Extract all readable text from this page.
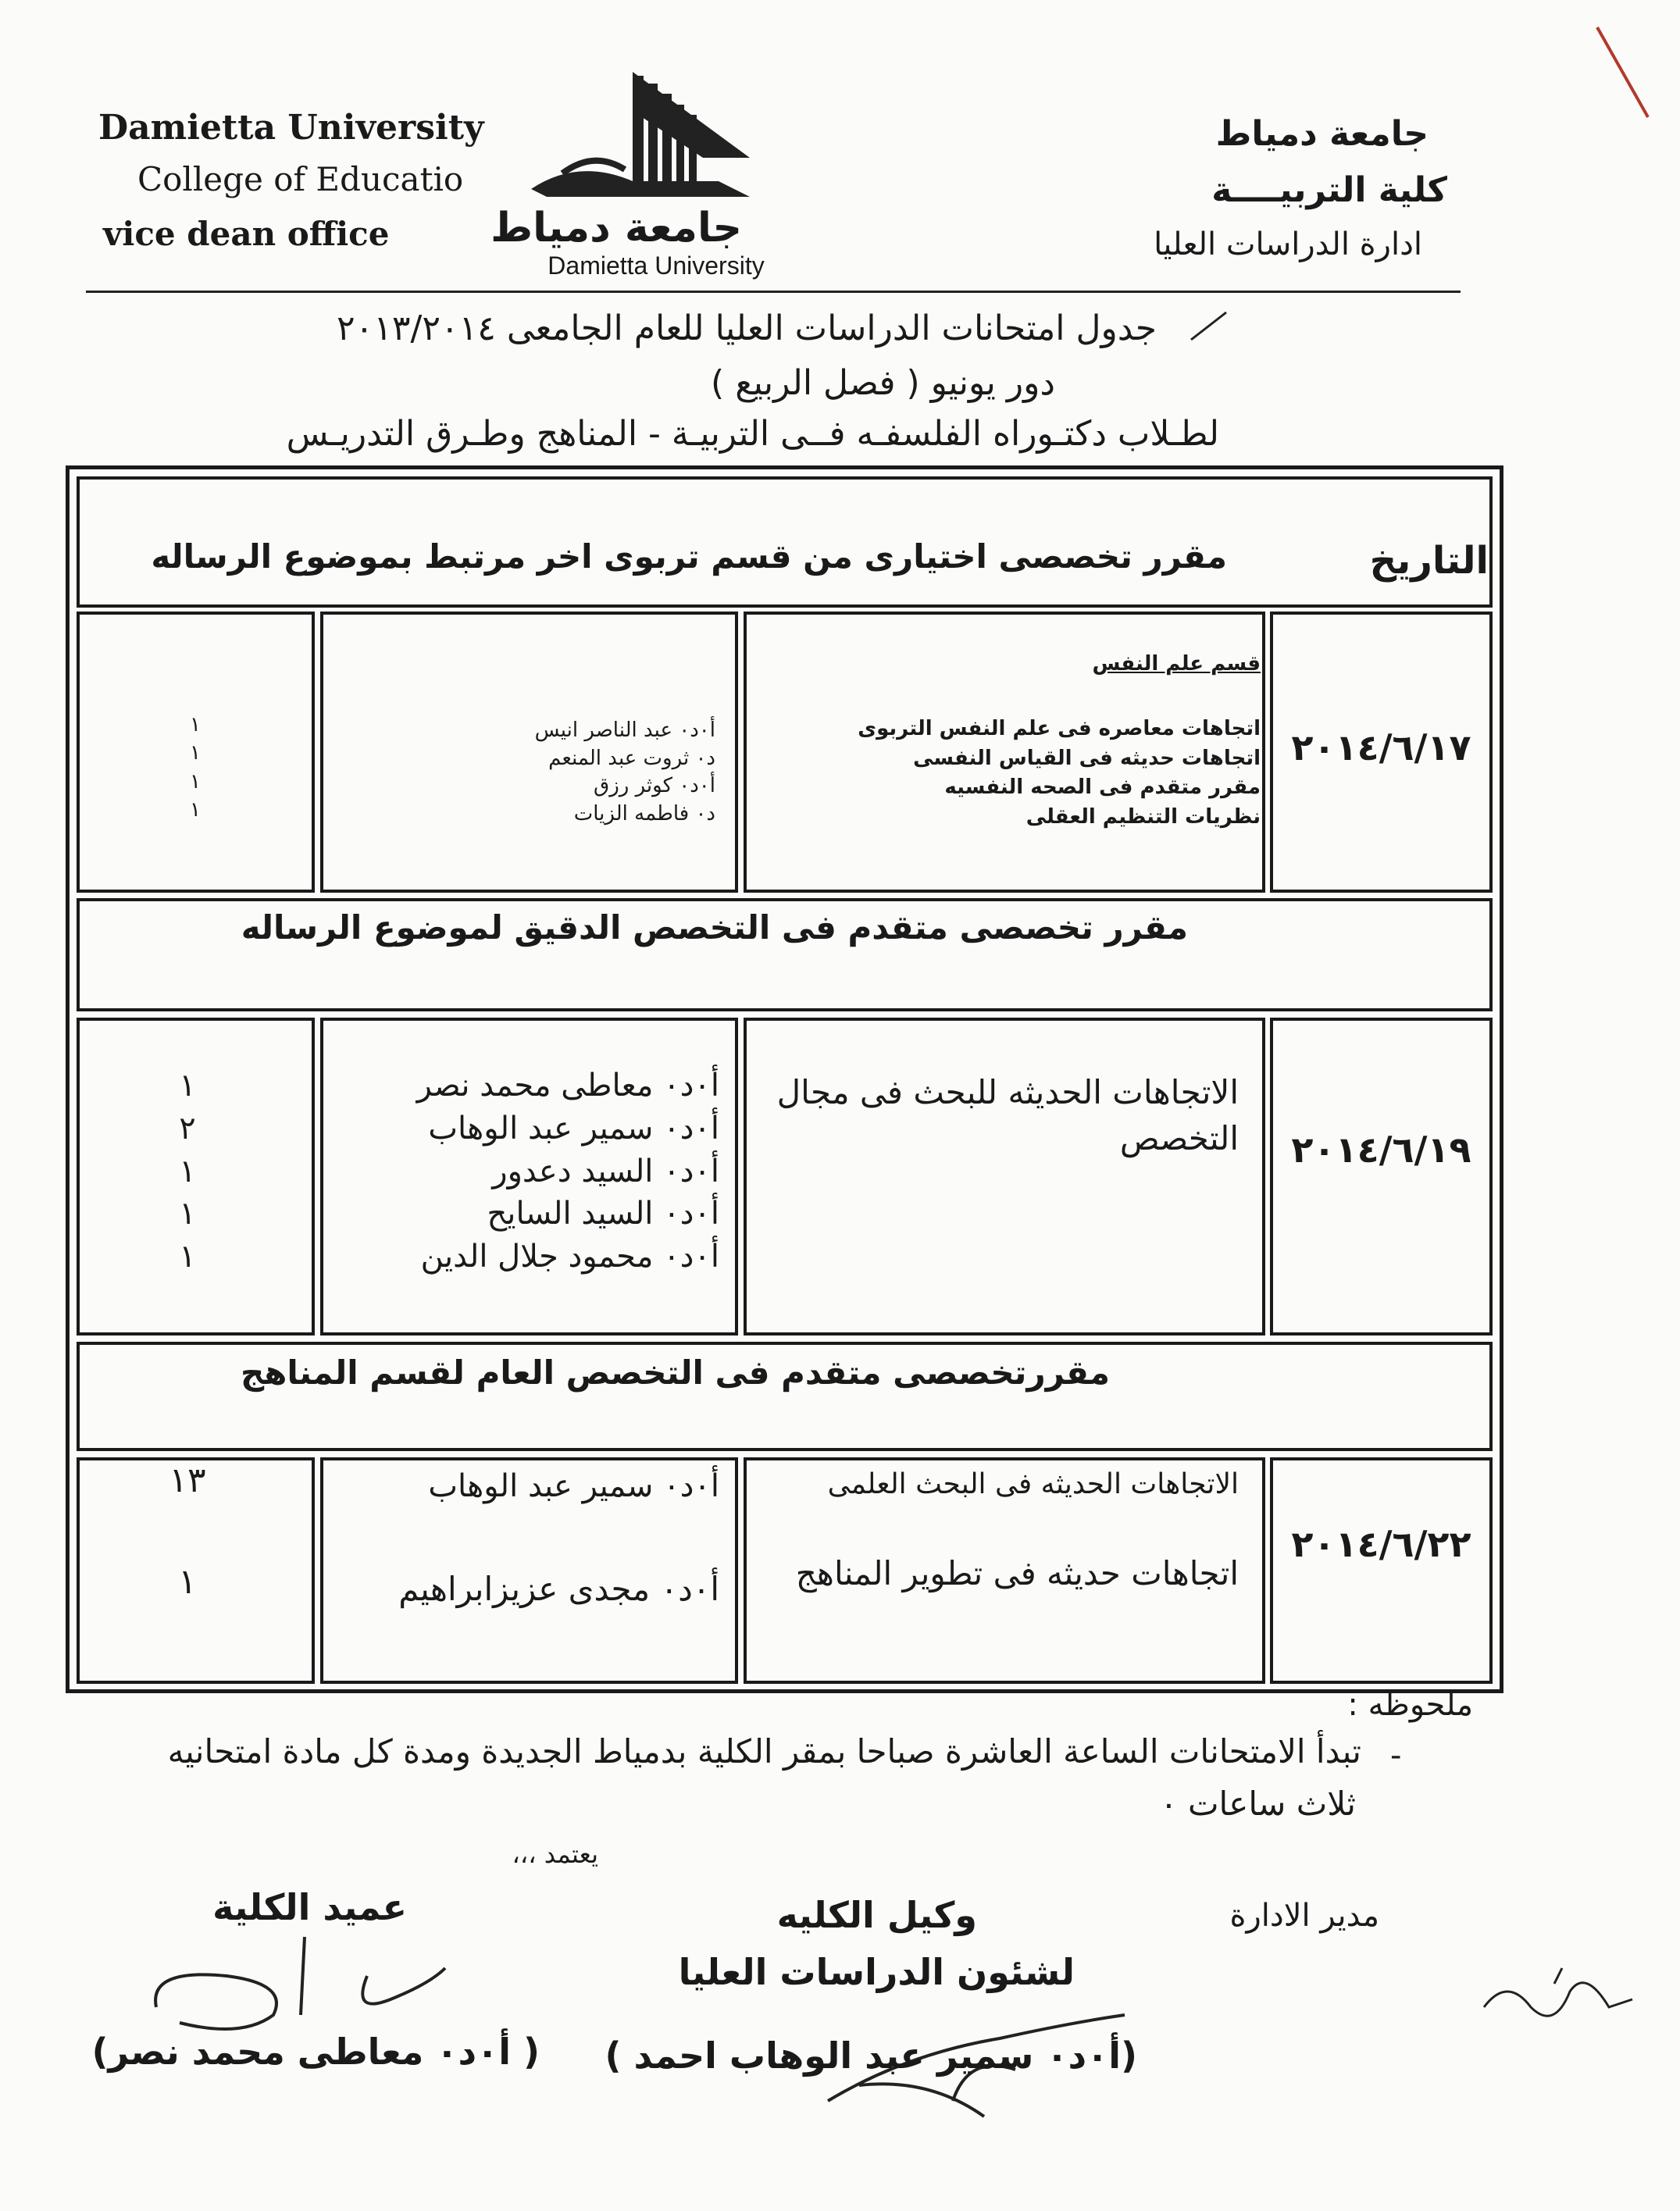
Damietta University
College of Educatio
vice dean office جامعة دمياط
Damietta University
جامعة دمياط
كلية التربيــــة
ادارة الدراسات العليا
جدول امتحانات الدراسات العليا للعام الجامعى ٢٠١٣/٢٠١٤
دور يونيو ( فصل الربيع )
لطـلاب دكتـوراه الفلسفـه فــى التربيـة - المناهج وطـرق التدريـس
التاريخ
مقرر تخصصى اختيارى من قسم تربوى اخر مرتبط بموضوع الرساله
٢٠١٤/٦/١٧
قسم علم النفس
اتجاهات معاصره فى علم النفس التربوى
اتجاهات حديثه فى القياس النفسى
مقرر متقدم فى الصحه النفسيه
نظريات التنظيم العقلى
أ٠د٠ عبد الناصر انيس
د٠ ثروت عبد المنعم
أ٠د٠ كوثر رزق
د٠ فاطمه الزيات
١
١
١
١
مقرر تخصصى متقدم فى التخصص الدقيق لموضوع الرساله
٢٠١٤/٦/١٩
الاتجاهات الحديثه للبحث فى مجال
التخصص
أ٠د٠ معاطى محمد نصر
أ٠د٠ سمير عبد الوهاب
أ٠د٠ السيد دعدور
أ٠د٠ السيد السايح
أ٠د٠ محمود جلال الدين
١
٢
١
١
١
مقررتخصصى متقدم فى التخصص العام لقسم المناهج
٢٠١٤/٦/٢٢
الاتجاهات الحديثه فى البحث العلمى
اتجاهات حديثه فى تطوير المناهج
أ٠د٠ سمير عبد الوهاب
أ٠د٠ مجدى عزيزابراهيم
١٣
١
ملحوظه :
-
تبدأ الامتحانات الساعة العاشرة صباحا بمقر الكلية بدمياط الجديدة ومدة كل مادة امتحانيه
ثلاث ساعات ٠
يعتمد ،،،
عميد الكلية	وكيل الكليه
لشئون الدراسات العليا
مدير الادارة
( أ٠د٠ معاطى محمد نصر) (أ٠د٠ سمير عبد الوهاب احمد )
